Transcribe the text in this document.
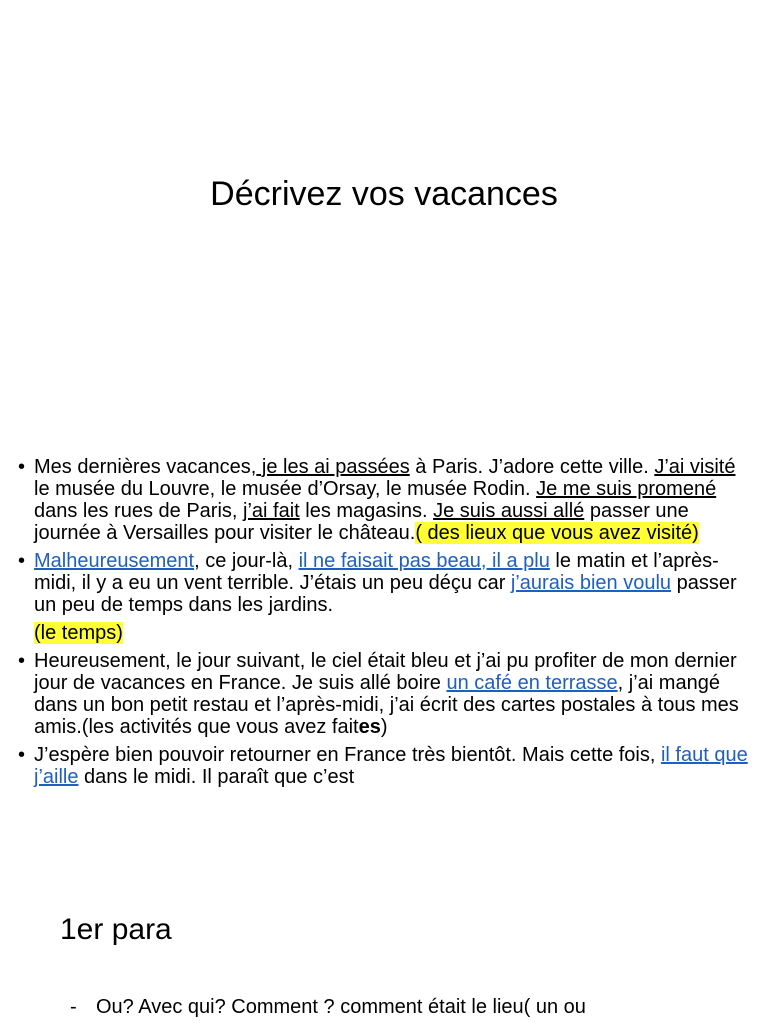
Décrivez vos vacances
• Mes dernières vacances, je les ai passées à Paris. J’adore cette ville. J’ai visité le musée du Louvre, le musée d’Orsay, le musée Rodin. Je me suis promené dans les rues de Paris, j’ai fait les magasins. Je suis aussi allé passer une journée à Versailles pour visiter le château.( des lieux que vous avez visité)
• Malheureusement, ce jour-là, il ne faisait pas beau, il a plu le matin et l’après-midi, il y a eu un vent terrible. J’étais un peu déçu car j’aurais bien voulu passer un peu de temps dans les jardins.
(le temps)
• Heureusement, le jour suivant, le ciel était bleu et j’ai pu profiter de mon dernier jour de vacances en France. Je suis allé boire un café en terrasse, j’ai mangé dans un bon petit restau et l’après-midi, j’ai écrit des cartes postales à tous mes amis.(les activités que vous avez faites)
• J’espère bien pouvoir retourner en France très bientôt. Mais cette fois, il faut que j’aille dans le midi. Il paraît que c’est
1er para
- Ou? Avec qui? Comment ? comment était le lieu( un ou
